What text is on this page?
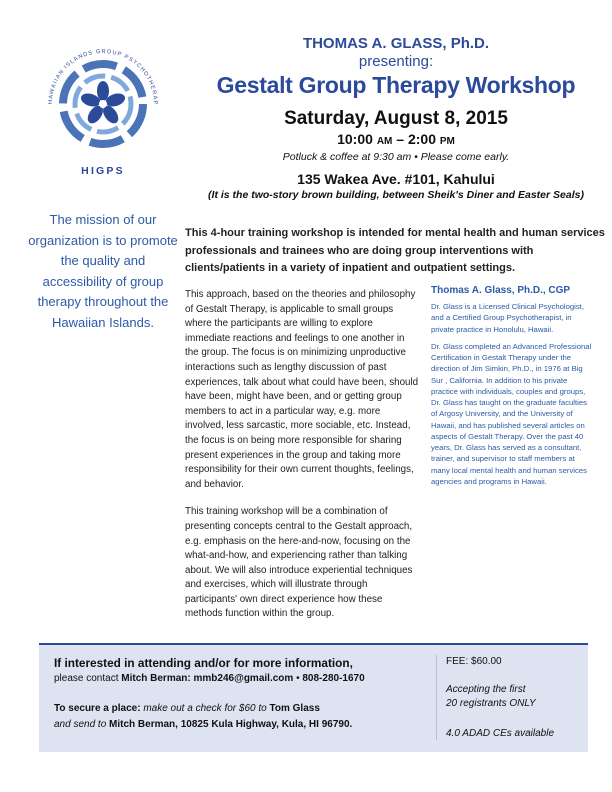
HAWAIIAN ISLANDS GROUP PSYCHOTHERAP
HIGPS
THOMAS A. GLASS, Ph.D.
presenting:
Gestalt Group Therapy Workshop
Saturday, August 8, 2015
10:00 AM – 2:00 PM
Potluck & coffee at 9:30 am • Please come early.
135 Wakea Ave. #101, Kahului
(It is the two-story brown building, between Sheik's Diner and Easter Seals)
The mission of our organization is to promote the quality and accessibility of group therapy throughout the Hawaiian Islands.

This 4-hour training workshop is intended for mental health and human services professionals and trainees who are doing group interventions with clients/patients in a variety of inpatient and outpatient settings.

This approach, based on the theories and philosophy of Gestalt Therapy, is applicable to small groups where the participants are willing to explore immediate reactions and feelings to one another in the group. The focus is on minimizing unproductive interactions such as lengthy discussion of past experiences, talk about what could have been, should have been, might have been, and or getting group members to act in a particular way, e.g. more involved, less sarcastic, more sociable, etc. Instead, the focus is on being more responsible for sharing present experiences in the group and taking more responsibility for their own current thoughts, feelings, and behavior.

This training workshop will be a combination of presenting concepts central to the Gestalt approach, e.g. emphasis on the here-and-now, focusing on the what-and-how, and experiencing rather than talking about. We will also introduce experiential techniques and exercises, which will illustrate through participants' own direct experience how these methods function within the group.

Thomas A. Glass, Ph.D., CGP

Dr. Glass is a Licensed Clinical Psychologist, and a Certified Group Psychotherapist, in private practice in Honolulu, Hawaii.

Dr. Glass completed an Advanced Professional Certification in Gestalt Therapy under the direction of Jim Simkin, Ph.D., in 1976 at Big Sur , California. In addition to his private practice with individuals, couples and groups, Dr. Glass has taught on the graduate faculties of Argosy University, and the University of Hawaii, and has published several articles on aspects of Gestalt Therapy. Over the past 40 years, Dr. Glass has served as a consultant, trainer, and supervisor to staff members at many local mental health and human services agencies and programs in Hawaii.

If interested in attending and/or for more information,
please contact Mitch Berman: mmb246@gmail.com • 808-280-1670
To secure a place: make out a check for $60 to Tom Glass
and send to Mitch Berman, 10825 Kula Highway, Kula, HI 96790.
FEE: $60.00
Accepting the first
20 registrants ONLY
4.0 ADAD CEs available
